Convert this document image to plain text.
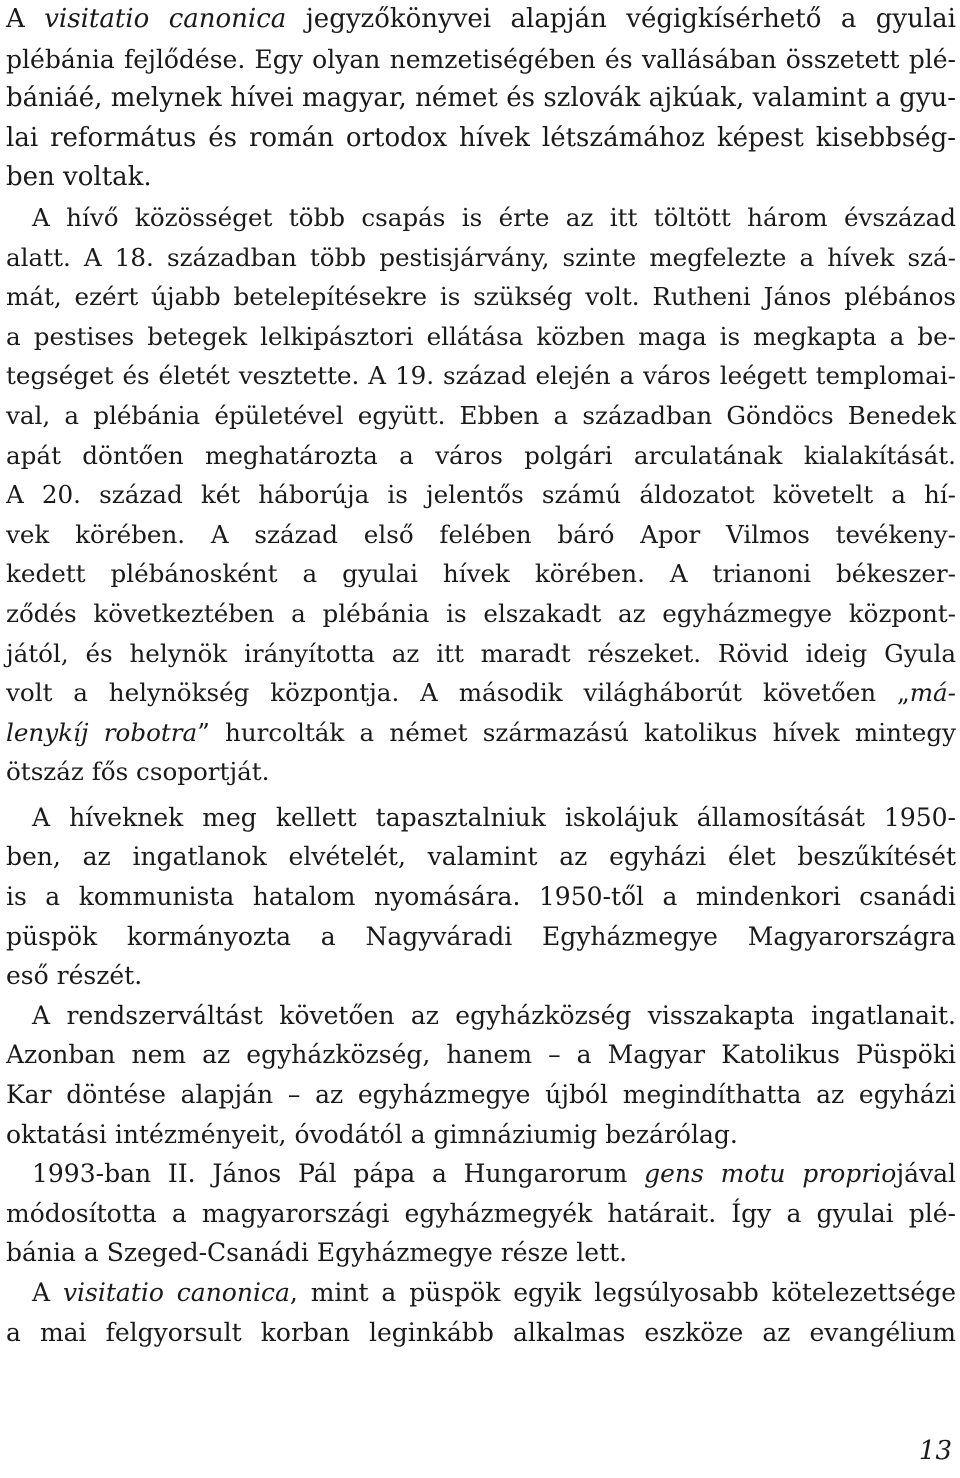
A visitatio canonica jegyzőkönyvei alapján végigkísérhető a gyulai
plébánia fejlődése. Egy olyan nemzetiségében és vallásában összetett plé-
bániáé, melynek hívei magyar, német és szlovák ajkúak, valamint a gyu-
lai református és román ortodox hívek létszámához képest kisebbség-
ben voltak.
A hívő közösséget több csapás is érte az itt töltött három évszázad
alatt. A 18. században több pestisjárvány, szinte megfelezte a hívek szá-
mát, ezért újabb betelepítésekre is szükség volt. Rutheni János plébános
a pestises betegek lelkipásztori ellátása közben maga is megkapta a be-
tegséget és életét vesztette. A 19. század elején a város leégett templomai-
val, a plébánia épületével együtt. Ebben a században Göndöcs Benedek
apát döntően meghatározta a város polgári arculatának kialakítását.
A 20. század két háborúja is jelentős számú áldozatot követelt a hí-
vek körében. A század első felében báró Apor Vilmos tevékeny-
kedett plébánosként a gyulai hívek körében. A trianoni békeszer-
ződés következtében a plébánia is elszakadt az egyházmegye központ-
jától, és helynök irányította az itt maradt részeket. Rövid ideig Gyula
volt a helynökség központja. A második világháborút követően „má-
lenykíj robotra” hurcolták a német származású katolikus hívek mintegy
ötszáz fős csoportját.
A híveknek meg kellett tapasztalniuk iskolájuk államosítását 1950-
ben, az ingatlanok elvételét, valamint az egyházi élet beszűkítését
is a kommunista hatalom nyomására. 1950-től a mindenkori csanádi
püspök kormányozta a Nagyváradi Egyházmegye Magyarországra
eső részét.
A rendszerváltást követően az egyházközség visszakapta ingatlanait.
Azonban nem az egyházközség, hanem – a Magyar Katolikus Püspöki
Kar döntése alapján – az egyházmegye újból megindíthatta az egyházi
oktatási intézményeit, óvodától a gimnáziumig bezárólag.
1993-ban II. János Pál pápa a Hungarorum gens motu propriojával
módosította a magyarországi egyházmegyék határait. Így a gyulai plé-
bánia a Szeged-Csanádi Egyházmegye része lett.
A visitatio canonica, mint a püspök egyik legsúlyosabb kötelezettsége
a mai felgyorsult korban leginkább alkalmas eszköze az evangélium
13
